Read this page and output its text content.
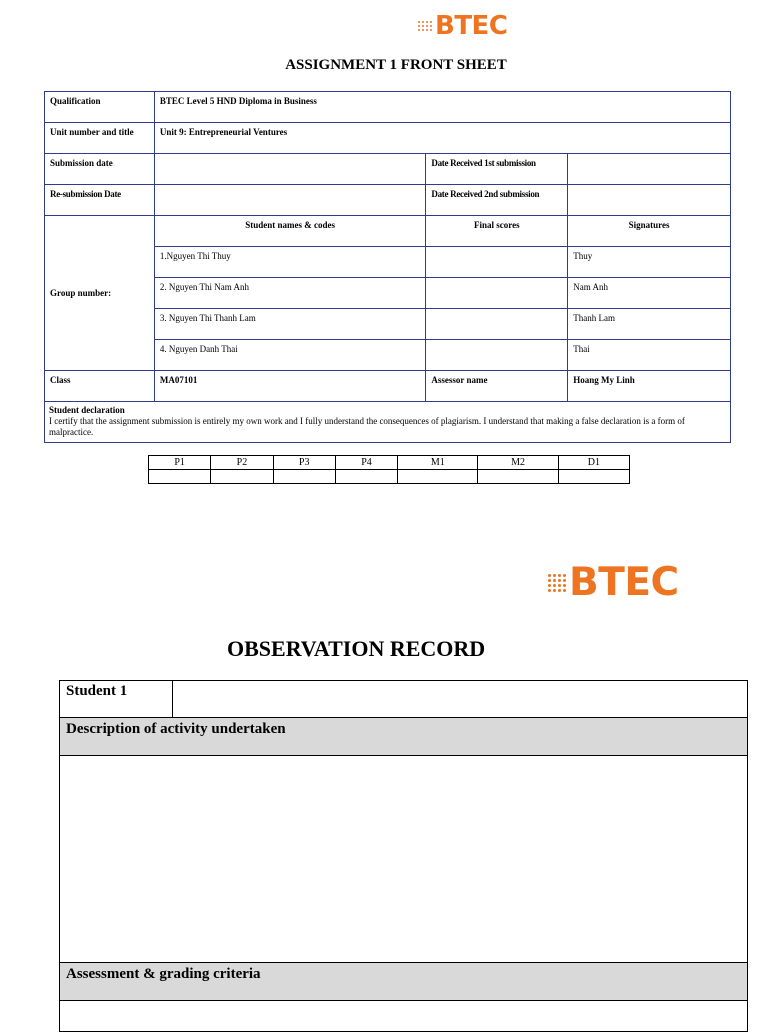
BTEC
ASSIGNMENT 1 FRONT SHEET
Qualification	BTEC Level 5 HND Diploma in Business		
Unit number and title	Unit 9: Entrepreneurial Ventures		
Submission date		Date Received 1st submission	
Re-submission Date		Date Received 2nd submission	
Group number:	Student names & codes	Final scores	Signatures
	1.Nguyen Thi Thuy		Thuy
	2. Nguyen Thi Nam Anh		Nam Anh
	3. Nguyen Thi Thanh Lam		Thanh Lam
	4. Nguyen Danh Thai		Thai
Class	MA07101	Assessor name	Hoang My Linh

Student declaration
I certify that the assignment submission is entirely my own work and I fully understand the consequences of plagiarism. I understand that making a false declaration is a form of malpractice.			
P1	P2	P3	P4	M1	M2	D1

BTEC
OBSERVATION RECORD
Student 1
Description of activity undertaken
Assessment & grading criteria
